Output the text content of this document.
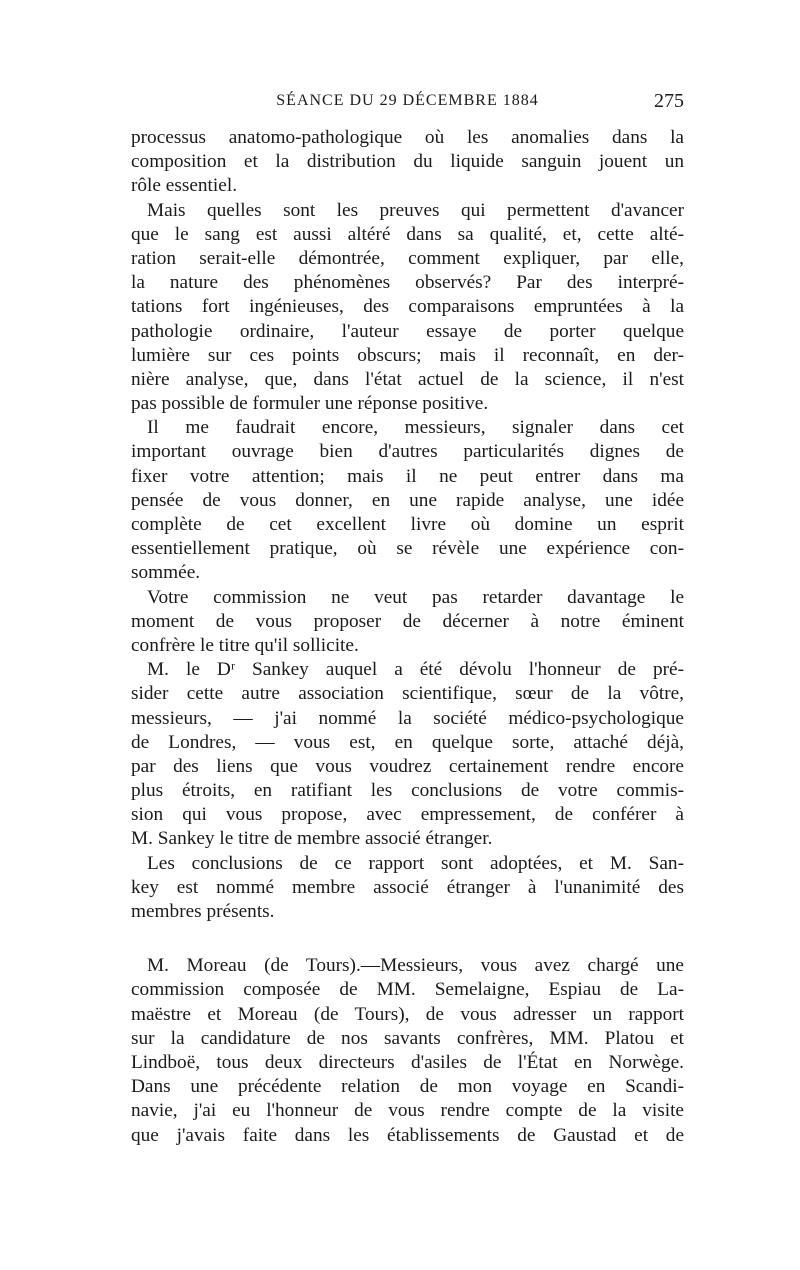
SÉANCE DU 29 DÉCEMBRE 1884	275
processus anatomo-pathologique où les anomalies dans la
composition et la distribution du liquide sanguin jouent un
rôle essentiel.
Mais quelles sont les preuves qui permettent d'avancer
que le sang est aussi altéré dans sa qualité, et, cette alté-
ration serait-elle démontrée, comment expliquer, par elle,
la nature des phénomènes observés? Par des interpré-
tations fort ingénieuses, des comparaisons empruntées à la
pathologie ordinaire, l'auteur essaye de porter quelque
lumière sur ces points obscurs; mais il reconnaît, en der-
nière analyse, que, dans l'état actuel de la science, il n'est
pas possible de formuler une réponse positive.
Il me faudrait encore, messieurs, signaler dans cet
important ouvrage bien d'autres particularités dignes de
fixer votre attention; mais il ne peut entrer dans ma
pensée de vous donner, en une rapide analyse, une idée
complète de cet excellent livre où domine un esprit
essentiellement pratique, où se révèle une expérience con-
sommée.
Votre commission ne veut pas retarder davantage le
moment de vous proposer de décerner à notre éminent
confrère le titre qu'il sollicite.
M. le Dʳ Sankey auquel a été dévolu l'honneur de pré-
sider cette autre association scientifique, sœur de la vôtre,
messieurs, — j'ai nommé la société médico-psychologique
de Londres, — vous est, en quelque sorte, attaché déjà,
par des liens que vous voudrez certainement rendre encore
plus étroits, en ratifiant les conclusions de votre commis-
sion qui vous propose, avec empressement, de conférer à
M. Sankey le titre de membre associé étranger.
Les conclusions de ce rapport sont adoptées, et M. San-
key est nommé membre associé étranger à l'unanimité des
membres présents.
M. Moreau (de Tours).—Messieurs, vous avez chargé une
commission composée de MM. Semelaigne, Espiau de La-
maëstre et Moreau (de Tours), de vous adresser un rapport
sur la candidature de nos savants confrères, MM. Platou et
Lindboë, tous deux directeurs d'asiles de l'État en Norwège.
Dans une précédente relation de mon voyage en Scandi-
navie, j'ai eu l'honneur de vous rendre compte de la visite
que j'avais faite dans les établissements de Gaustad et de
